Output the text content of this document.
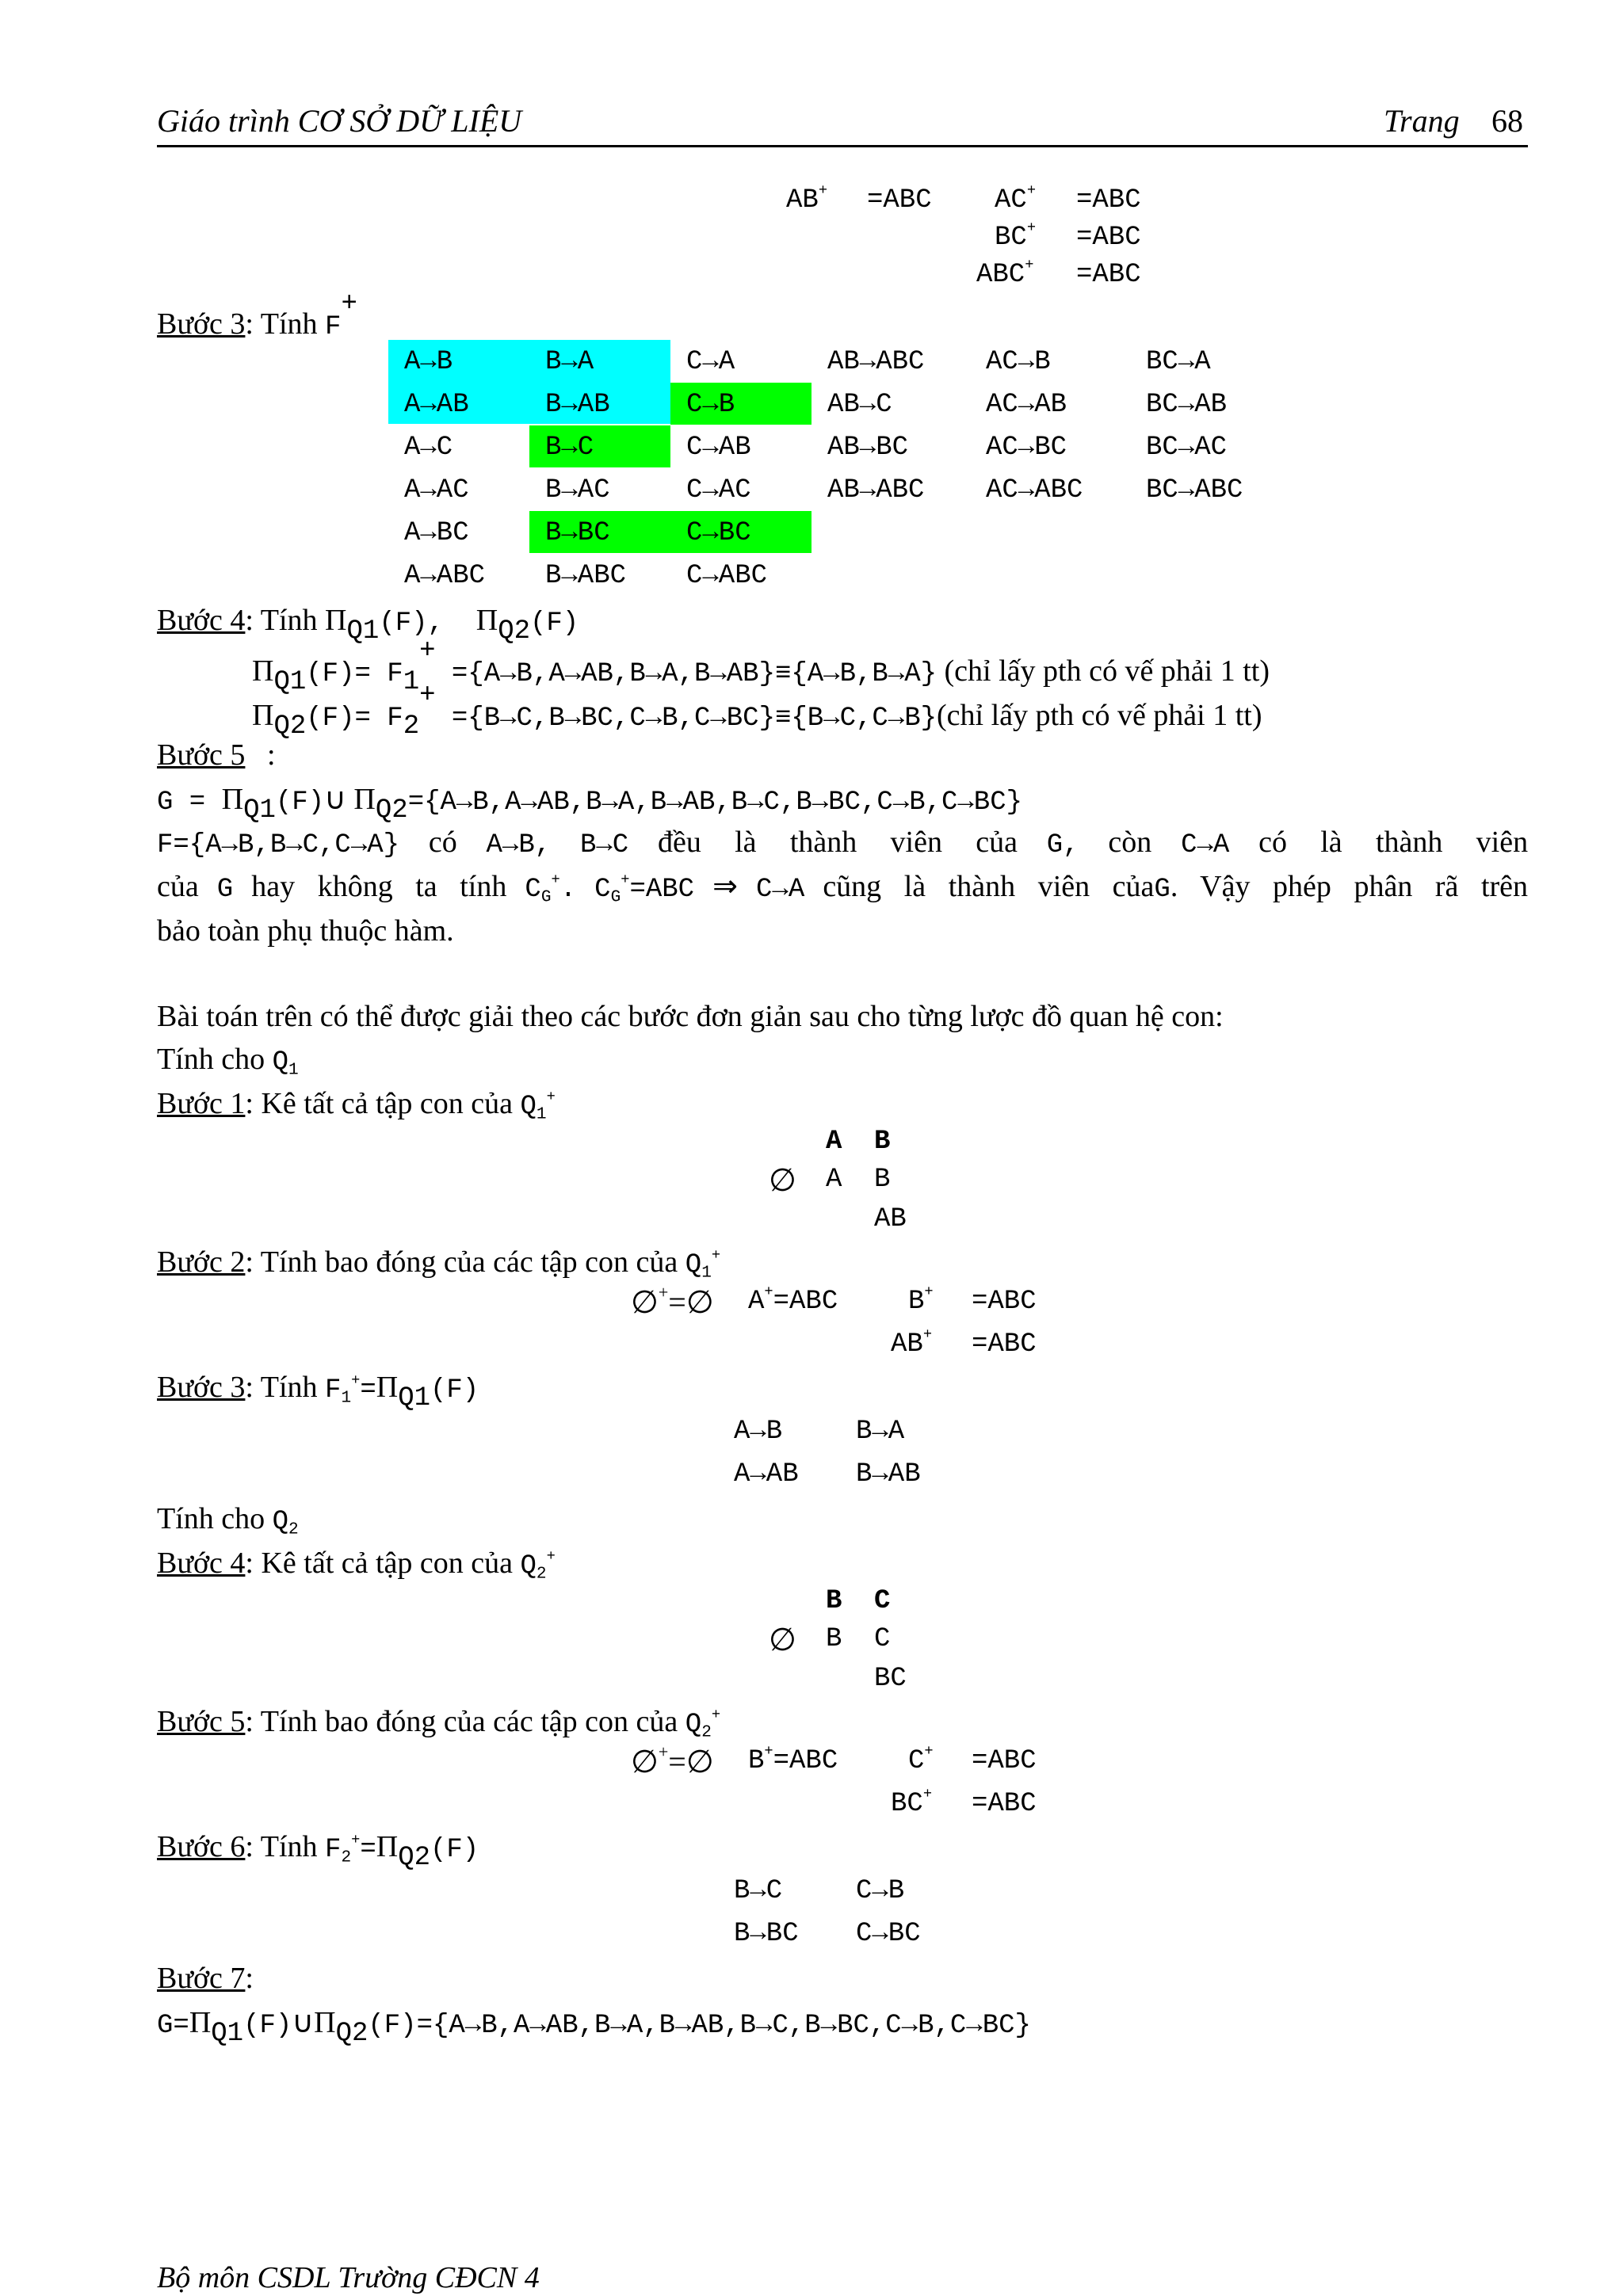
Giáo trình CƠ SỞ DỮ LIỆU	Trang 68
AB+ =ABC AC+ =ABC
BC+ =ABC
ABC+ =ABC
Bước 3: Tính F+
A→B	B→A	C→A	AB→ABC AC→B	BC→A
A→AB	B→AB	C→B	AB→C	AC→AB	BC→AB
A→C	B→C	C→AB	AB→BC	AC→BC	BC→AC
A→AC	B→AC	C→AC	AB→ABC AC→ABC BC→ABC
A→BC	B→BC	C→BC
A→ABC B→ABC C→ABC
Bước 4: Tính $\Pi_{Q1}(F)$,  $\Pi_{Q2}(F)$
$\Pi_{Q1}(F)= F_1^+ =\{A\to B,A\to AB,B\to A,B\to AB\}\equiv\{A\to B,B\to A\}$ (chỉ lấy pth có vế phải 1 tt)
$\Pi_{Q2}(F)= F_2^+$ ={B→C,B→BC,C→B,C→BC}≡{B→C,C→B}(chỉ lấy pth có vế phải 1 tt)
Bước 5 :
$G = \Pi_{Q1}(F)\cup$ $\Pi_{Q2}=\{A\to B,A\to AB,B\to A,B\to AB,B\to C,B\to BC,C\to B,C\to BC\}$
F={A→B,B→C,C→A} có A→B, B→C đều là thành viên của G, còn C→A có là thành viên
của G hay không ta tính $C_G^+$. $C_G^+=ABC$ ⇒ C→A cũng là thành viên củaG. Vậy phép phân rã trên
bảo toàn phụ thuộc hàm.
Bài toán trên có thể được giải theo các bước đơn giản sau cho từng lược đồ quan hệ con:
Tính cho $Q_1$
Bước 1: Kê tất cả tập con của $Q_1^+$
A B
∅ A B
AB
Bước 2: Tính bao đóng của các tập con của $Q_1^+$
∅+=∅ A+=ABC	B+ =ABC
AB+ =ABC
Bước 3: Tính $F_1^+=\Pi_{Q1}(F)$
A→B	B→A
A→AB B→AB
Tính cho $Q_2$
Bước 4: Kê tất cả tập con của $Q_2^+$
B C
∅ B C
BC
Bước 5: Tính bao đóng của các tập con của $Q_2^+$
∅+=∅ B+=ABC	C+ =ABC
BC+ =ABC
Bước 6: Tính $F_2^+=\Pi_{Q2}(F)$
B→C	C→B
B→BC C→BC
Bước 7:
$G=\Pi_{Q1}(F)\cup\Pi_{Q2}(F)=\{A\to B,A\to AB,B\to A,B\to AB,B\to C,B\to BC,C\to B,C\to BC\}$
Bộ môn CSDL Trường CĐCN 4
